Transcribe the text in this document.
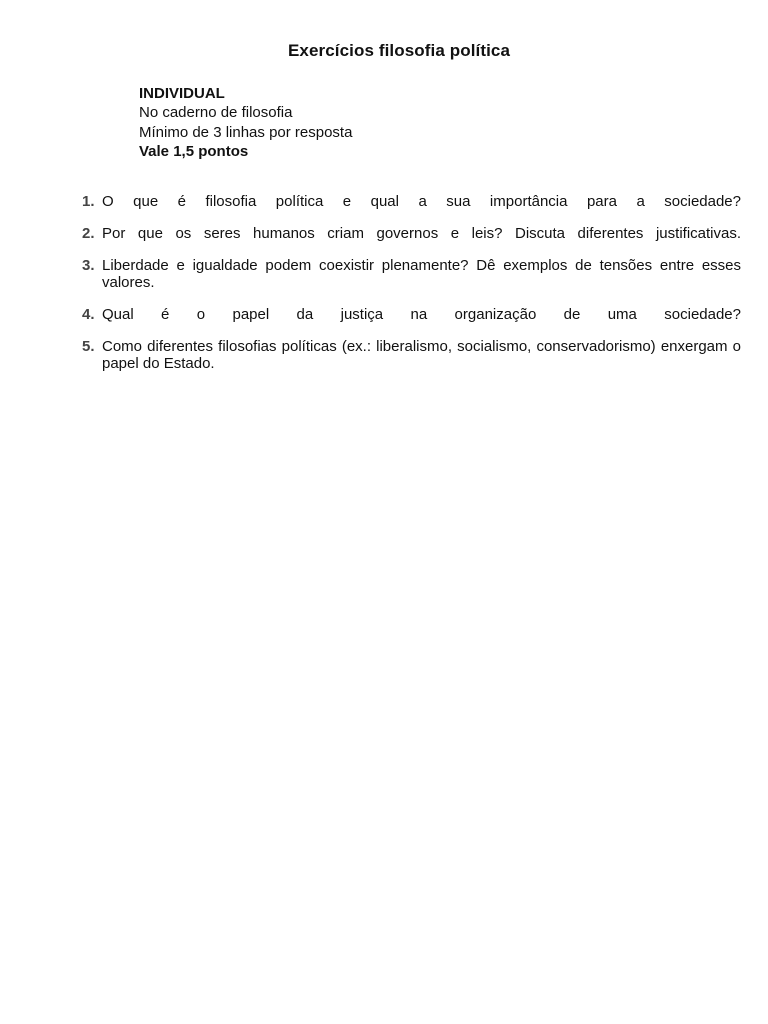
Exercícios filosofia política
INDIVIDUAL
No caderno de filosofia
Mínimo de 3 linhas por resposta
Vale 1,5 pontos
1. O que é filosofia política e qual a sua importância para a sociedade?
2. Por que os seres humanos criam governos e leis? Discuta diferentes justificativas.
3. Liberdade e igualdade podem coexistir plenamente? Dê exemplos de tensões entre esses valores.
4. Qual é o papel da justiça na organização de uma sociedade?
5. Como diferentes filosofias políticas (ex.: liberalismo, socialismo, conservadorismo) enxergam o papel do Estado.
